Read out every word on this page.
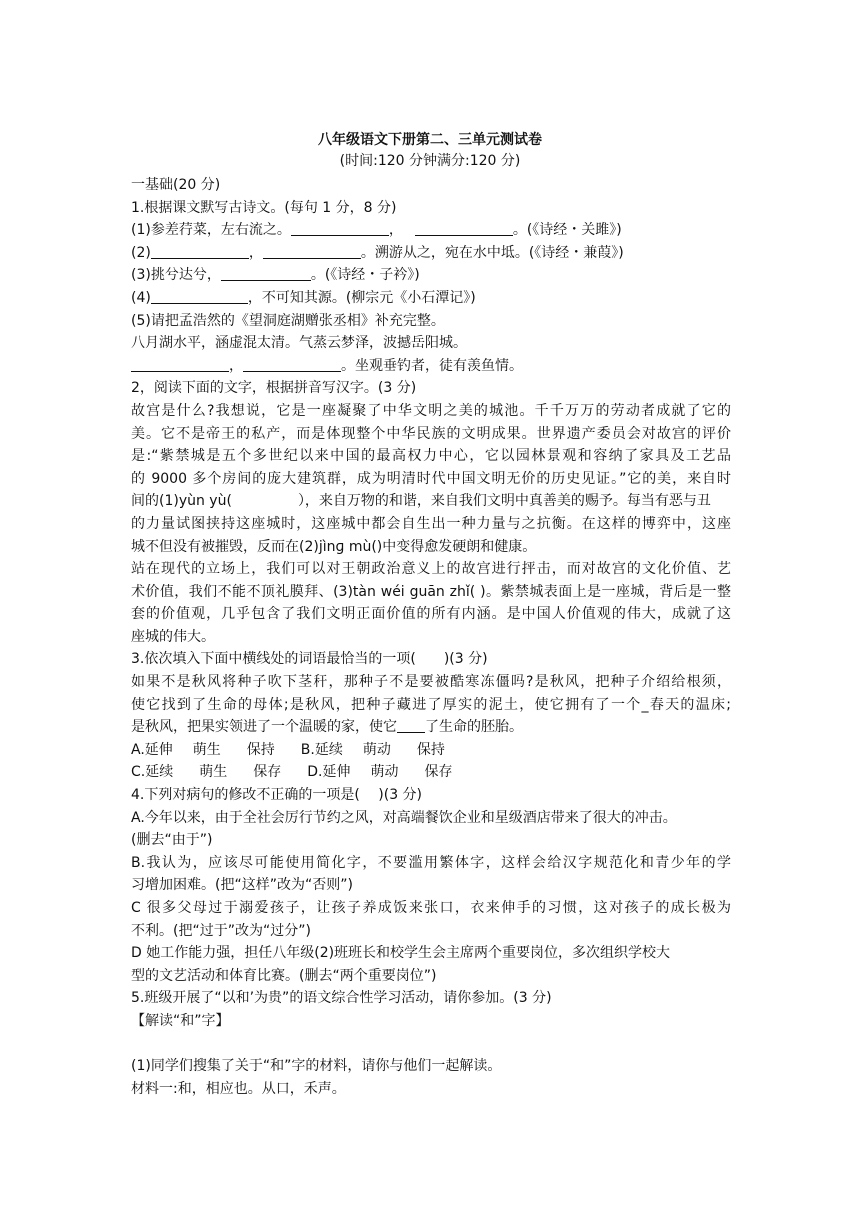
八年级语文下册第二、三单元测试卷
(时间:120 分钟满分:120 分)
一基础(20 分)
1.根据课文默写古诗文。(每句 1 分，8 分)
(1)参差荇菜，左右流之。	，	。(《诗经・关雎》)
(2)	，	。溯游从之，宛在水中坻。(《诗经・兼葭》)
(3)挑兮达兮，	。(《诗经・子衿》)
(4)	，不可知其源。(柳宗元《小石潭记》)
(5)请把孟浩然的《望洞庭湖赠张丞相》补充完整。
八月湖水平，涵虚混太清。气蒸云梦泽，波撼岳阳城。
，	。坐观垂钓者，徒有羡鱼情。
2，阅读下面的文字，根据拼音写汉字。(3 分)
故宫是什么?我想说，它是一座凝聚了中华文明之美的城池。千千万万的劳动者成就了它的
美。它不是帝王的私产，而是体现整个中华民族的文明成果。世界遗产委员会对故宫的评价
是:“紫禁城是五个多世纪以来中国的最高权力中心，它以园林景观和容纳了家具及工艺品
的 9000 多个房间的庞大建筑群，成为明清时代中国文明无价的历史见证。”它的美，来自时
间的(1)yùn yù(	），来自万物的和谐，来自我们文明中真善美的赐予。每当有恶与丑
的力量试图挟持这座城时，这座城中都会自生出一种力量与之抗衡。在这样的博弈中，这座
城不但没有被摧毁，反而在(2)jìnɡ mù()中变得愈发硬朗和健康。
站在现代的立场上，我们可以对王朝政治意义上的故宫进行抨击，而对故宫的文化价值、艺
术价值，我们不能不顶礼膜拜、(3)tàn wéi guān zhǐ( )。紫禁城表面上是一座城，背后是一整
套的价值观，几乎包含了我们文明正面价值的所有内涵。是中国人价值观的伟大，成就了这
座城的伟大。
3.依次填入下面中横线处的词语最恰当的一项(　　)(3 分)
如果不是秋风将种子吹下茎秆，那种子不是要被酷寒冻僵吗?是秋风，把种子介绍给根须，
使它找到了生命的母体;是秋风，把种子藏进了厚实的泥土，使它拥有了一个_春天的温床;
是秋风，把果实领进了一个温暖的家，使它 了生命的胚胎。
A.延伸 萌生 保持 B.延续 萌动 保持
C.延续 萌生 保存 D.延伸 萌动 保存
4.下列对病句的修改不正确的一项是(　 )(3 分)
A.今年以来，由于全社会厉行节约之风，对高端餐饮企业和星级酒店带来了很大的冲击。
(删去“由于”)
B.我认为，应该尽可能使用简化字，不要滥用繁体字，这样会给汉字规范化和青少年的学
习增加困难。(把“这样”改为“否则”)
C 很多父母过于溺爱孩子，让孩子养成饭来张口，衣来伸手的习惯，这对孩子的成长极为
不利。(把“过于”改为“过分”)
D 她工作能力强，担任八年级(2)班班长和校学生会主席两个重要岗位，多次组织学校大
型的文艺活动和体育比赛。(删去“两个重要岗位”)
5.班级开展了“以和’为贵”的语文综合性学习活动，请你参加。(3 分)
【解读“和”字】
(1)同学们搜集了关于“和”字的材料，请你与他们一起解读。
材料一:和，相应也。从口，禾声。
